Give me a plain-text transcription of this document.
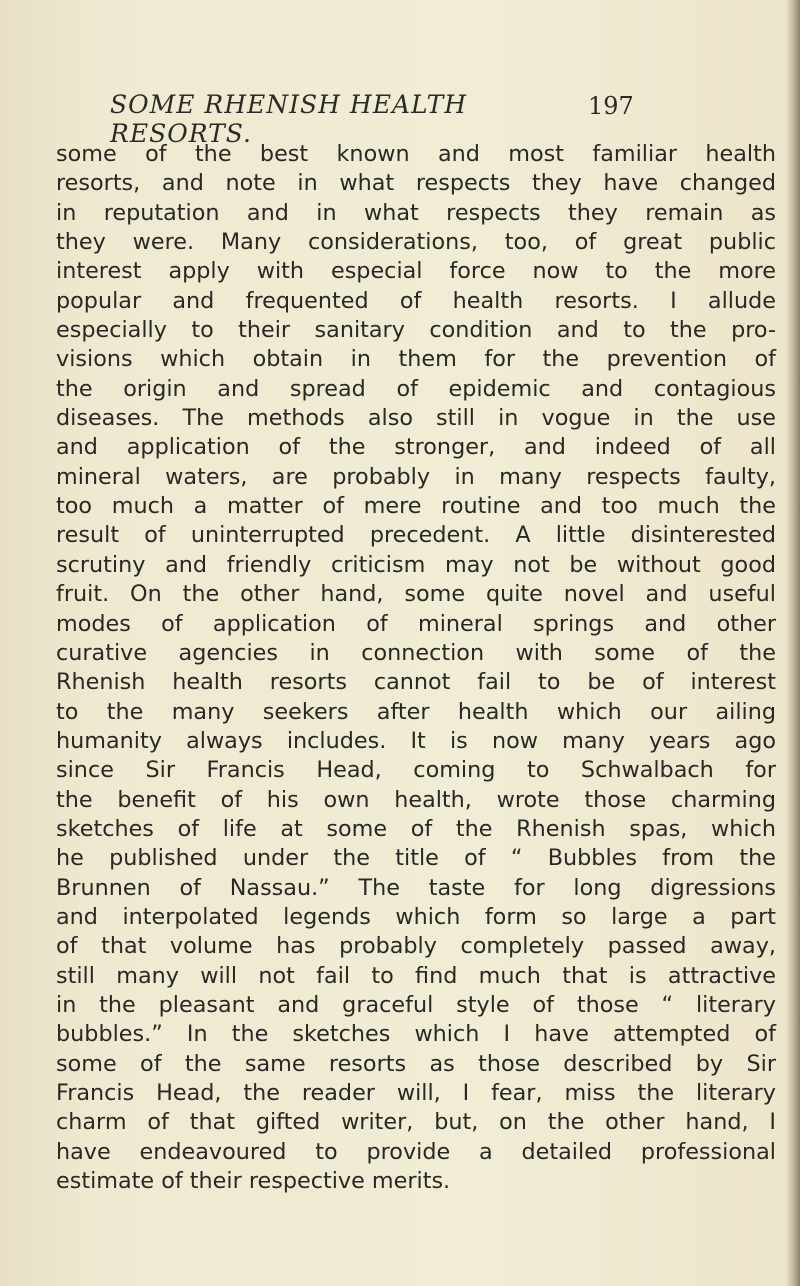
SOME RHENISH HEALTH RESORTS.
197
some of the best known and most familiar health
resorts, and note in what respects they have changed
in reputation and in what respects they remain as
they were. Many considerations, too, of great public
interest apply with especial force now to the more
popular and frequented of health resorts. I allude
especially to their sanitary condition and to the pro-
visions which obtain in them for the prevention of
the origin and spread of epidemic and contagious
diseases. The methods also still in vogue in the use
and application of the stronger, and indeed of all
mineral waters, are probably in many respects faulty,
too much a matter of mere routine and too much the
result of uninterrupted precedent. A little disinterested
scrutiny and friendly criticism may not be without good
fruit. On the other hand, some quite novel and useful
modes of application of mineral springs and other
curative agencies in connection with some of the
Rhenish health resorts cannot fail to be of interest
to the many seekers after health which our ailing
humanity always includes. It is now many years ago
since Sir Francis Head, coming to Schwalbach for
the benefit of his own health, wrote those charming
sketches of life at some of the Rhenish spas, which
he published under the title of “ Bubbles from the
Brunnen of Nassau.” The taste for long digressions
and interpolated legends which form so large a part
of that volume has probably completely passed away,
still many will not fail to find much that is attractive
in the pleasant and graceful style of those “ literary
bubbles.” In the sketches which I have attempted of
some of the same resorts as those described by Sir
Francis Head, the reader will, I fear, miss the literary
charm of that gifted writer, but, on the other hand, I
have endeavoured to provide a detailed professional
estimate of their respective merits.
